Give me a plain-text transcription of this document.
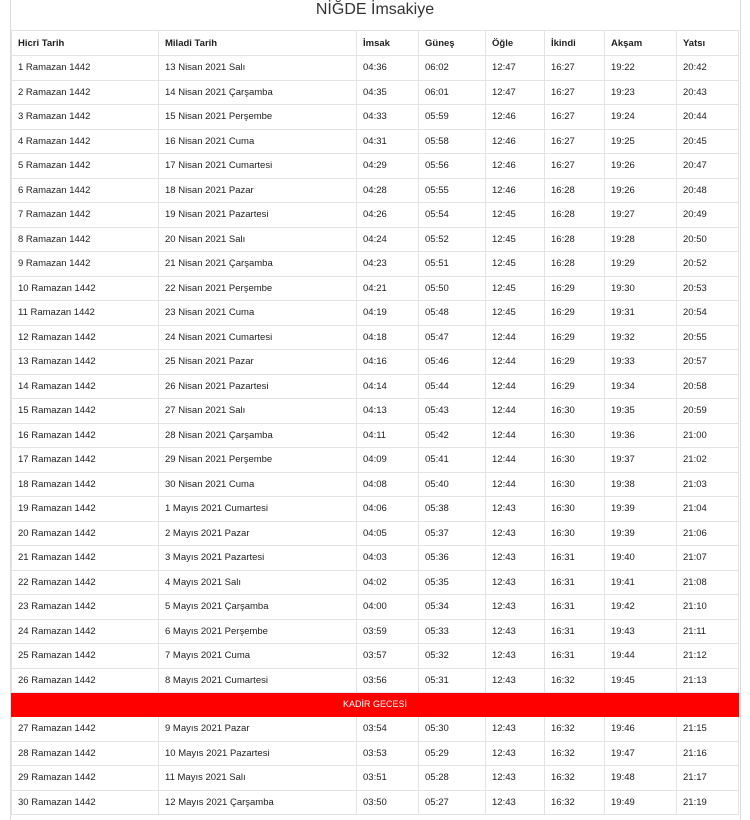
NİĞDE İmsakiye
Hicri Tarih	Miladi Tarih	İmsak	Güneş	Öğle	İkindi	Akşam	Yatsı
1 Ramazan 1442	13 Nisan 2021 Salı	04:36	06:02	12:47	16:27	19:22	20:42
2 Ramazan 1442	14 Nisan 2021 Çarşamba	04:35	06:01	12:47	16:27	19:23	20:43
3 Ramazan 1442	15 Nisan 2021 Perşembe	04:33	05:59	12:46	16:27	19:24	20:44
4 Ramazan 1442	16 Nisan 2021 Cuma	04:31	05:58	12:46	16:27	19:25	20:45
5 Ramazan 1442	17 Nisan 2021 Cumartesi	04:29	05:56	12:46	16:27	19:26	20:47
6 Ramazan 1442	18 Nisan 2021 Pazar	04:28	05:55	12:46	16:28	19:26	20:48
7 Ramazan 1442	19 Nisan 2021 Pazartesi	04:26	05:54	12:45	16:28	19:27	20:49
8 Ramazan 1442	20 Nisan 2021 Salı	04:24	05:52	12:45	16:28	19:28	20:50
9 Ramazan 1442	21 Nisan 2021 Çarşamba	04:23	05:51	12:45	16:28	19:29	20:52
10 Ramazan 1442	22 Nisan 2021 Perşembe	04:21	05:50	12:45	16:29	19:30	20:53
11 Ramazan 1442	23 Nisan 2021 Cuma	04:19	05:48	12:45	16:29	19:31	20:54
12 Ramazan 1442	24 Nisan 2021 Cumartesi	04:18	05:47	12:44	16:29	19:32	20:55
13 Ramazan 1442	25 Nisan 2021 Pazar	04:16	05:46	12:44	16:29	19:33	20:57
14 Ramazan 1442	26 Nisan 2021 Pazartesi	04:14	05:44	12:44	16:29	19:34	20:58
15 Ramazan 1442	27 Nisan 2021 Salı	04:13	05:43	12:44	16:30	19:35	20:59
16 Ramazan 1442	28 Nisan 2021 Çarşamba	04:11	05:42	12:44	16:30	19:36	21:00
17 Ramazan 1442	29 Nisan 2021 Perşembe	04:09	05:41	12:44	16:30	19:37	21:02
18 Ramazan 1442	30 Nisan 2021 Cuma	04:08	05:40	12:44	16:30	19:38	21:03
19 Ramazan 1442	1 Mayıs 2021 Cumartesi	04:06	05:38	12:43	16:30	19:39	21:04
20 Ramazan 1442	2 Mayıs 2021 Pazar	04:05	05:37	12:43	16:30	19:39	21:06
21 Ramazan 1442	3 Mayıs 2021 Pazartesi	04:03	05:36	12:43	16:31	19:40	21:07
22 Ramazan 1442	4 Mayıs 2021 Salı	04:02	05:35	12:43	16:31	19:41	21:08
23 Ramazan 1442	5 Mayıs 2021 Çarşamba	04:00	05:34	12:43	16:31	19:42	21:10
24 Ramazan 1442	6 Mayıs 2021 Perşembe	03:59	05:33	12:43	16:31	19:43	21:11
25 Ramazan 1442	7 Mayıs 2021 Cuma	03:57	05:32	12:43	16:31	19:44	21:12
26 Ramazan 1442	8 Mayıs 2021 Cumartesi	03:56	05:31	12:43	16:32	19:45	21:13
KADİR GECESİ							
27 Ramazan 1442	9 Mayıs 2021 Pazar	03:54	05:30	12:43	16:32	19:46	21:15
28 Ramazan 1442	10 Mayıs 2021 Pazartesi	03:53	05:29	12:43	16:32	19:47	21:16
29 Ramazan 1442	11 Mayıs 2021 Salı	03:51	05:28	12:43	16:32	19:48	21:17
30 Ramazan 1442	12 Mayıs 2021 Çarşamba	03:50	05:27	12:43	16:32	19:49	21:19
